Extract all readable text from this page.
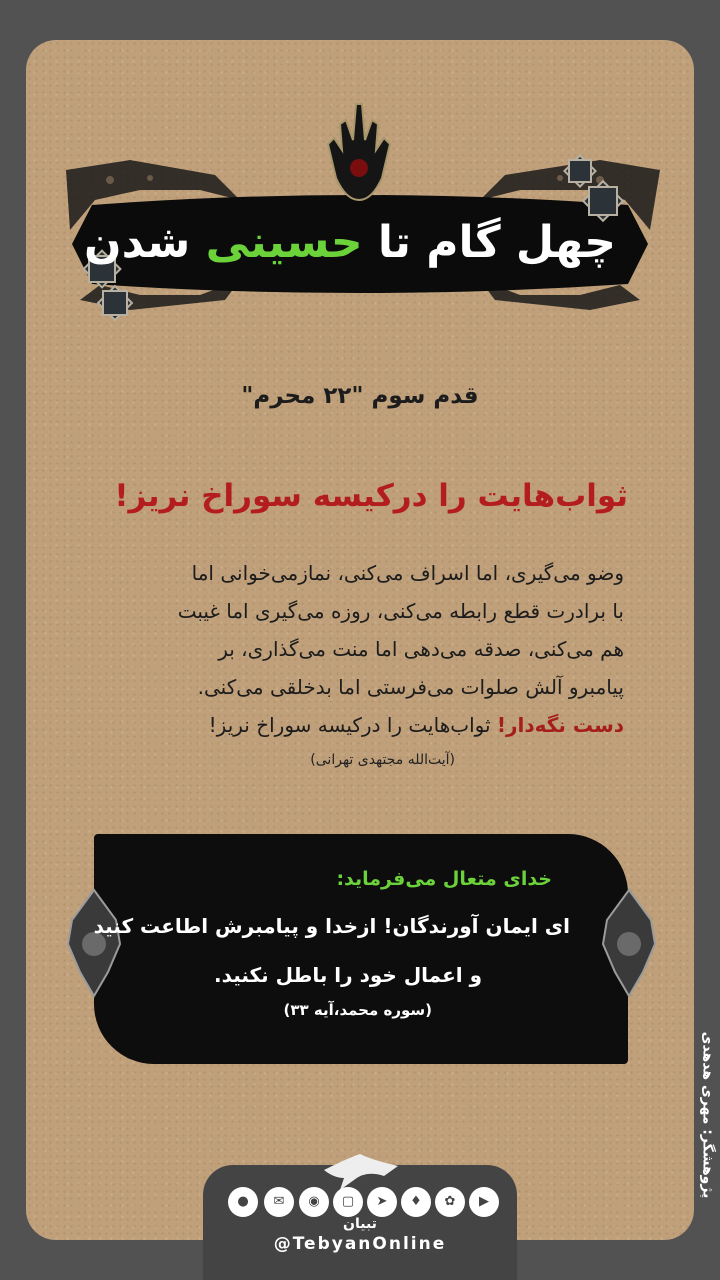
چهل گام تا

حسینی

شدن
قدم سوم "۲۲ محرم"
ثواب‌هایت را درکیسه سوراخ نریز!
وضو می‌گیری، اما اسراف می‌کنی، نماز‌می‌خوانی اما
با برادرت قطع رابطه می‌کنی، روزه می‌گیری اما غیبت
هم می‌کنی، صدقه می‌دهی اما منت می‌گذاری، بر
پیامبرو آلش صلوات می‌فرستی اما بدخلقی می‌کنی.
دست نگه‌دار! ثواب‌هایت را درکیسه سوراخ نریز!
(آیت‌الله مجتهدی تهرانی)
خدای متعال می‌فرماید:
ای ایمان آورندگان! ازخدا و پیامبرش اطاعت کنید
و اعمال خود را باطل نکنید.
(سوره محمد،آیه ۳۳)
پژوهشگر: مهری هدهدی
●	✉	◉	▢	➤	♦	✿	▶
تبیان
@TebyanOnline
